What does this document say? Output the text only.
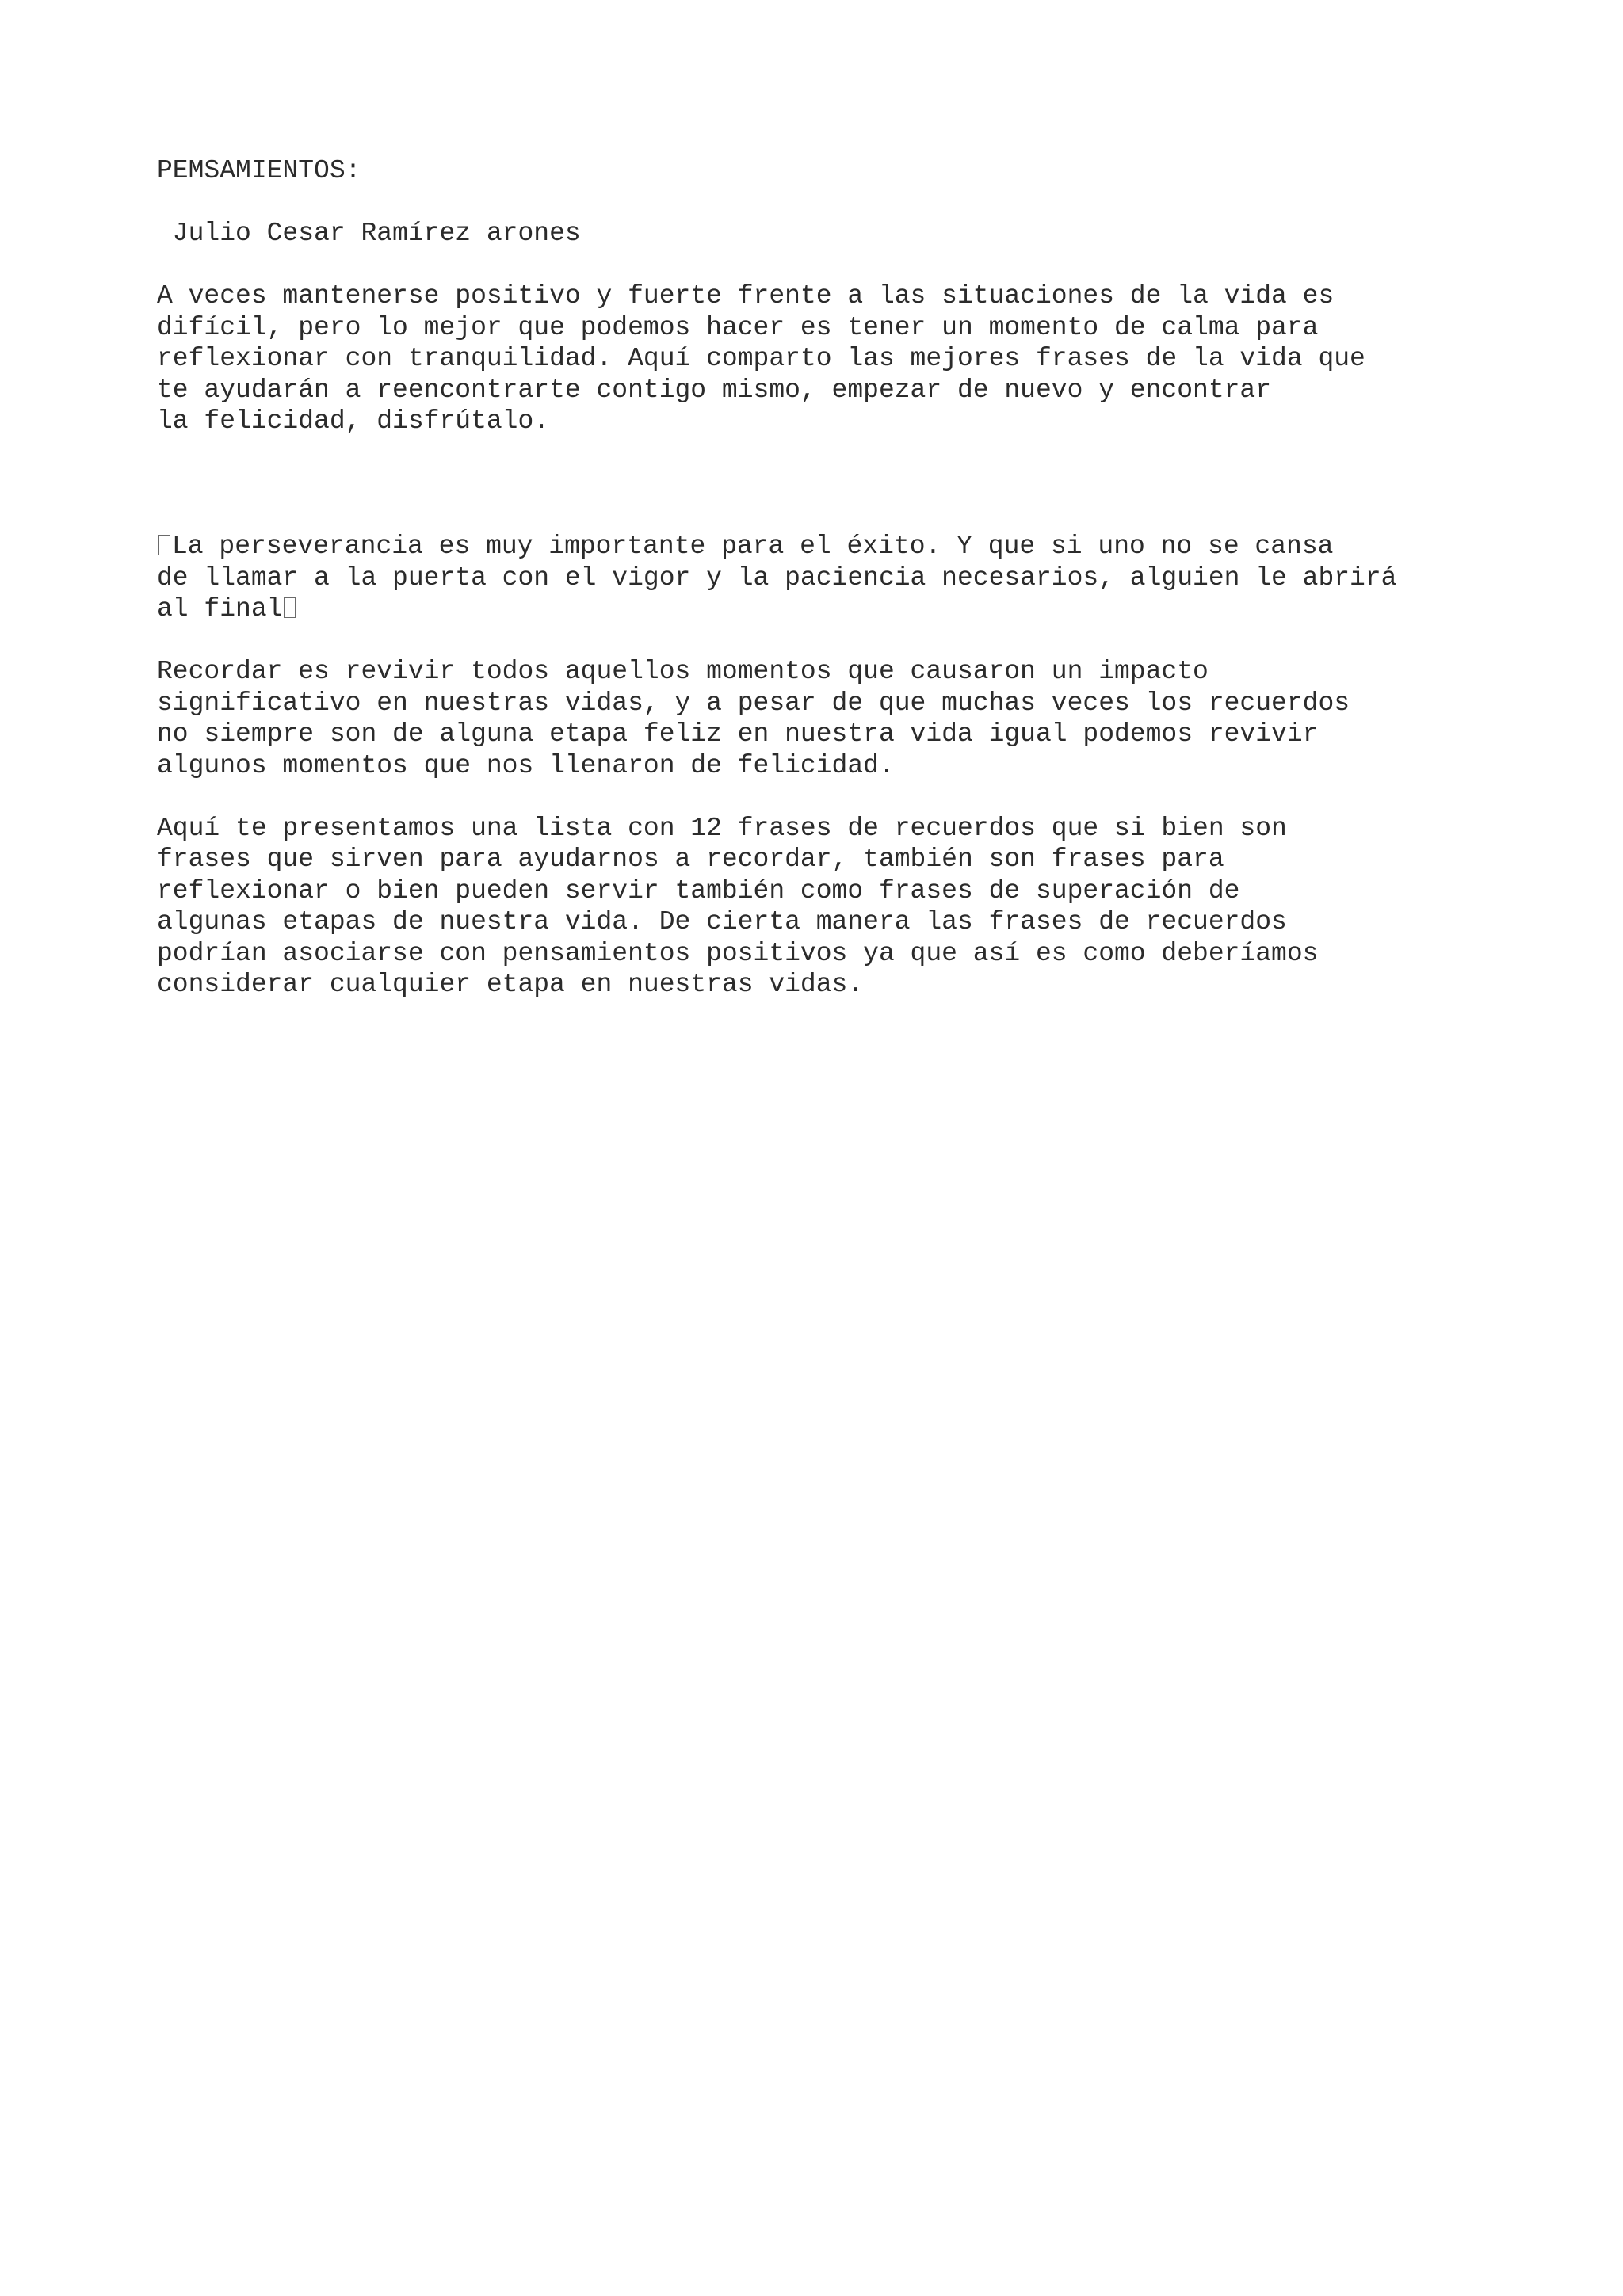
PEMSAMIENTOS:
Julio Cesar Ramírez arones
A veces mantenerse positivo y fuerte frente a las situaciones de la vida es
difícil, pero lo mejor que podemos hacer es tener un momento de calma para
reflexionar con tranquilidad. Aquí comparto las mejores frases de la vida que
te ayudarán a reencontrarte contigo mismo, empezar de nuevo y encontrar
la felicidad, disfrútalo.
La perseverancia es muy importante para el éxito. Y que si uno no se cansa
de llamar a la puerta con el vigor y la paciencia necesarios, alguien le abrirá
al final
Recordar es revivir todos aquellos momentos que causaron un impacto
significativo en nuestras vidas, y a pesar de que muchas veces los recuerdos
no siempre son de alguna etapa feliz en nuestra vida igual podemos revivir
algunos momentos que nos llenaron de felicidad.
Aquí te presentamos una lista con 12 frases de recuerdos que si bien son
frases que sirven para ayudarnos a recordar, también son frases para
reflexionar o bien pueden servir también como frases de superación de
algunas etapas de nuestra vida. De cierta manera las frases de recuerdos
podrían asociarse con pensamientos positivos ya que así es como deberíamos
considerar cualquier etapa en nuestras vidas.
